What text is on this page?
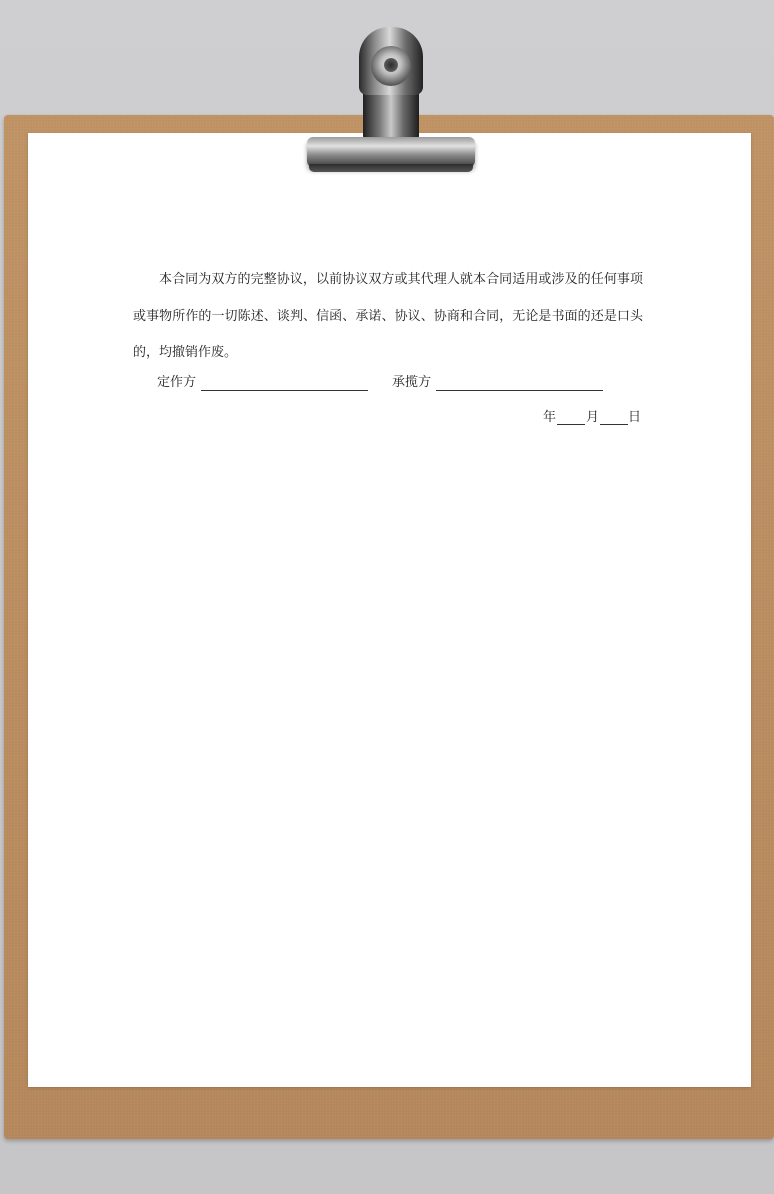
本合同为双方的完整协议，以前协议双方或其代理人就本合同适用或涉及的任何事项或事物所作的一切陈述、谈判、信函、承诺、协议、协商和合同，无论是书面的还是口头的，均撤销作废。

定作方	承揽方
年 月 日
